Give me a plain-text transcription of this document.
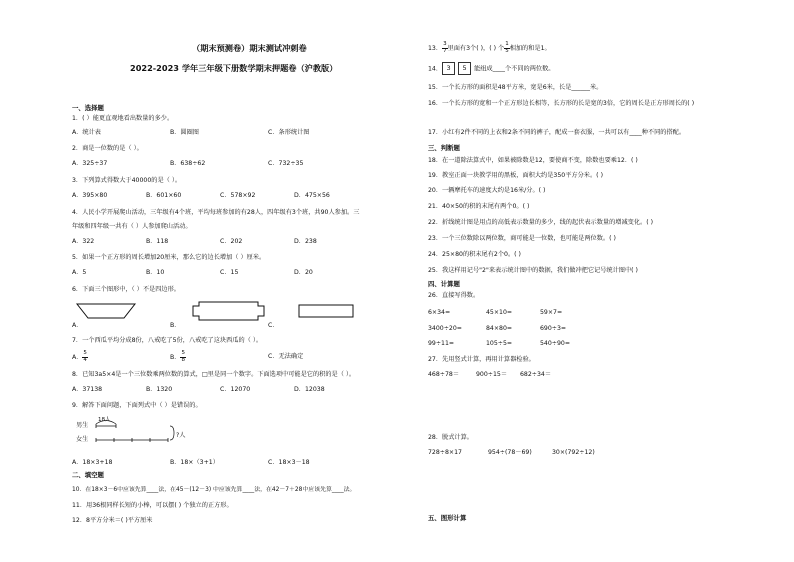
（期末预测卷）期末测试冲刺卷
2022-2023 学年三年级下册数学期末押题卷（沪教版）
一、选择题
1．( ）能更直观地看出数量的多少。
A．统计表	B．圆圈图	C．条形统计图
2．商是一位数的是（ ）。
A．325÷37	B．638÷62	C．732÷35
3．下列算式得数大于40000的是（ ）。
A．395×80	B．601×60	C．578×92	D．475×56
4．人民小学开展爬山活动，三年级有4个班，平均每班参加的有28人，四年级有3个班，共90人参加。三
年级和四年级一共有（ ）人参加爬山活动。
A．322	B．118	C．202	D．238
5．如果一个正方形的周长增加20厘米，那么它的边长增加（ ）厘米。
A．5	B．10	C．15	D．20
6．下面三个图形中，（ ）不是四边形。
A．	B．	C．
7．一个西瓜平均分成8份，八戒吃了5份，八戒吃了这块西瓜的（ ）。
A． $\frac{5}{4}$	B． $\frac{5}{8}$	C．无法确定
8．已知3a5×4是一个三位数乘两位数的算式，□里是同一个数字。下面选项中可能是它的积的是（ ）。
A．37138	B．1320	C．12070	D．12038
9．解答下面问题，下面列式中（ ）是错误的。
男生
18人
女生
?人
A．18×3+18	B．18×（3+1）	C．18×3－18
二、填空题
10．在18×3－6中应该先算____法，在45－(12－3) 中应该先算____法，在42－7＋28中应该先算____法。
11．用36根同样长短的小棒，可以摆( ) 个独立的正方形。
12．8平方分米＝( )平方厘米
13． $\frac{3}{7}$ 里面有3个( )，( ) 个 $\frac{1}{5}$ 相加的和是1。
14． 3 5 能组成____个不同的两位数。
15．一个长方形的面积是48平方米，宽是6米，长是______米。
16．一个长方形的宽和一个正方形边长相等，长方形的长是宽的3倍，它的周长是正方形周长的( )
17．小红有2件不同的上衣和2条不同的裤子，配成一套衣服，一共可以有____种不同的搭配。
三、判断题
18．在一道除法算式中，如果被除数是12，要使商不变，除数也要乘12．( )
19．教室正面一块教学用的黑板，面积大约是350平方分米。( )
20．一辆摩托车的速度大约是16米/分。( )
21．40×50的积的末尾有两个0。( )
22．折线统计图是用点的高低表示数量的多少，线的起伏表示数量的增减变化。( )
23．一个三位数除以两位数，商可能是一位数，也可能是两位数。( )
24．25×80的积末尾有2个0。( )
25．我这样用记号"2"来表示统计图中的数据，我们做冲把它记号统计图中( )
四、计算题
26．直接写得数。
6×34=	45×10=	59×7=
3400÷20=	84×80=	690÷3=
99÷11=	105÷5=	540÷90=
27．先用竖式计算，再用计算器检验。
468÷78＝	900÷15＝ 682÷34＝
28．脱式计算。
728÷8×17	954÷(78－69)	30×(792÷12)
五、图形计算
